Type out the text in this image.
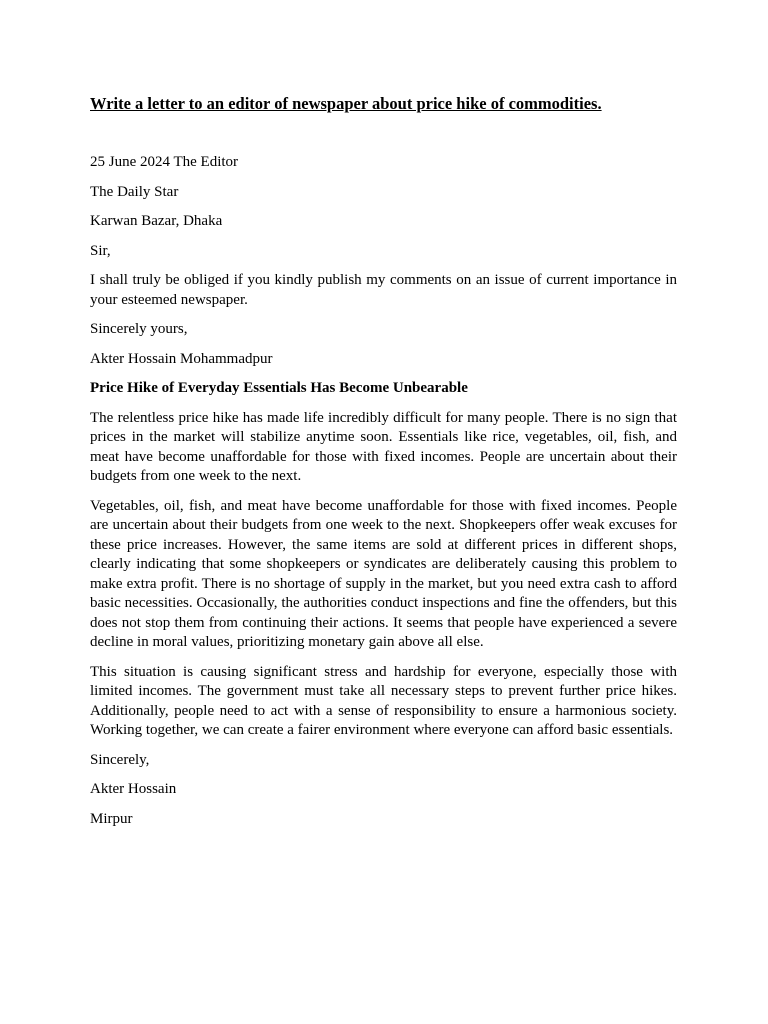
Write a letter to an editor of newspaper about price hike of commodities.

25 June 2024 The Editor

The Daily Star

Karwan Bazar, Dhaka

Sir,

I shall truly be obliged if you kindly publish my comments on an issue of current importance in your esteemed newspaper.

Sincerely yours,

Akter Hossain Mohammadpur

Price Hike of Everyday Essentials Has Become Unbearable

The relentless price hike has made life incredibly difficult for many people. There is no sign that prices in the market will stabilize anytime soon. Essentials like rice, vegetables, oil, fish, and meat have become unaffordable for those with fixed incomes. People are uncertain about their budgets from one week to the next.

Vegetables, oil, fish, and meat have become unaffordable for those with fixed incomes. People are uncertain about their budgets from one week to the next. Shopkeepers offer weak excuses for these price increases. However, the same items are sold at different prices in different shops, clearly indicating that some shopkeepers or syndicates are deliberately causing this problem to make extra profit. There is no shortage of supply in the market, but you need extra cash to afford basic necessities. Occasionally, the authorities conduct inspections and fine the offenders, but this does not stop them from continuing their actions. It seems that people have experienced a severe decline in moral values, prioritizing monetary gain above all else.

This situation is causing significant stress and hardship for everyone, especially those with limited incomes. The government must take all necessary steps to prevent further price hikes. Additionally, people need to act with a sense of responsibility to ensure a harmonious society. Working together, we can create a fairer environment where everyone can afford basic essentials.

Sincerely,

Akter Hossain

Mirpur
